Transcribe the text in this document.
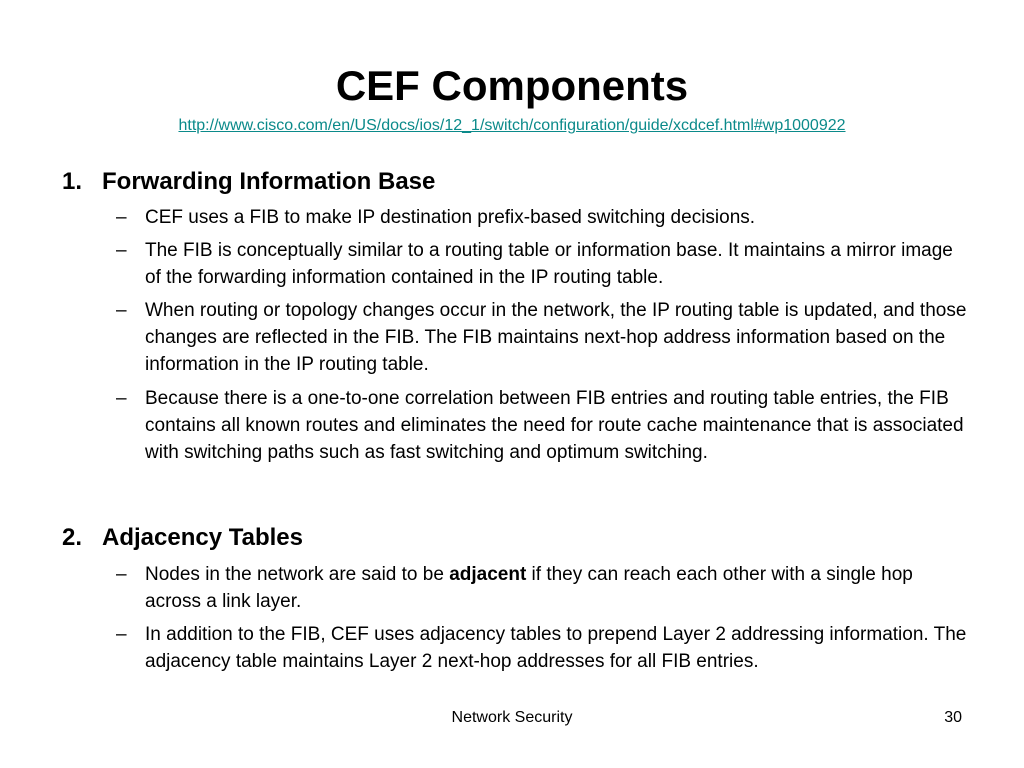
CEF Components
http://www.cisco.com/en/US/docs/ios/12_1/switch/configuration/guide/xcdcef.html#wp1000922
1. Forwarding Information Base
– CEF uses a FIB to make IP destination prefix-based switching decisions.
– The FIB is conceptually similar to a routing table or information base. It maintains a mirror image of the forwarding information contained in the IP routing table.
– When routing or topology changes occur in the network, the IP routing table is updated, and those changes are reflected in the FIB. The FIB maintains next-hop address information based on the information in the IP routing table.
– Because there is a one-to-one correlation between FIB entries and routing table entries, the FIB contains all known routes and eliminates the need for route cache maintenance that is associated with switching paths such as fast switching and optimum switching.
2. Adjacency Tables
– Nodes in the network are said to be adjacent if they can reach each other with a single hop across a link layer.
– In addition to the FIB, CEF uses adjacency tables to prepend Layer 2 addressing information. The adjacency table maintains Layer 2 next-hop addresses for all FIB entries.
Network Security	30
